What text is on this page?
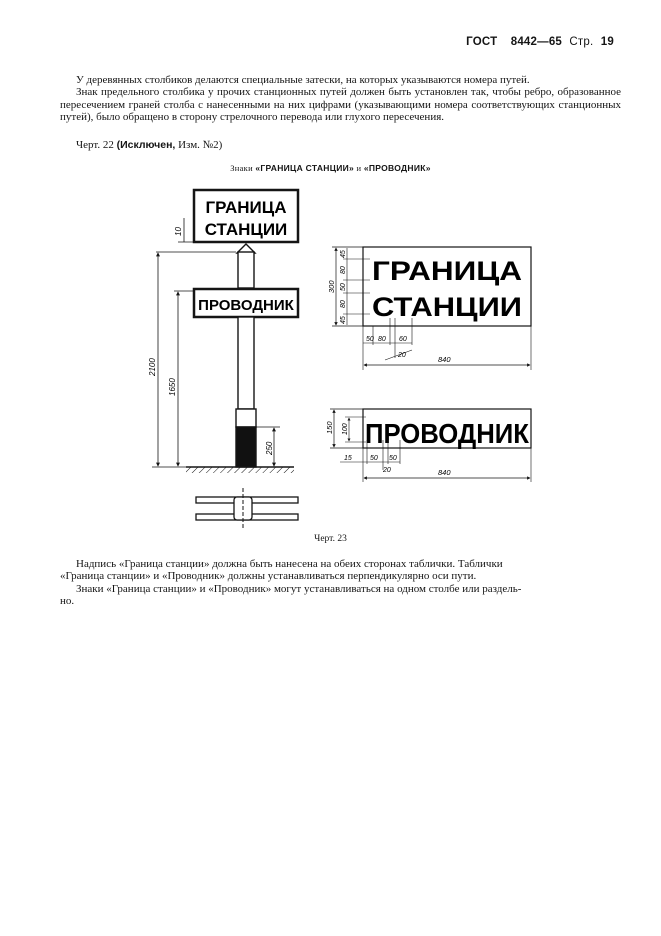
ГОСТ 8442—65 Стр. 19

У деревянных столбиков делаются специальные затески, на которых указываются номера путей.

Знак предельного столбика у прочих станционных путей должен быть установлен так, чтобы ребро, образованное пересечением граней столба с нанесенными на них цифрами (указывающими номера соответствующих станционных путей), было обращено в сторону стрелочного перевода или глухого пересечения.

Черт. 22 (Исключен, Изм. №2)
Знаки «ГРАНИЦА СТАНЦИИ» и «ПРОВОДНИК»
ГРАНИЦА
СТАНЦИИ
ПРОВОДНИК
10
2100
1650
250
ГРАНИЦА
СТАНЦИИ
300
45
80
50
80
45
50 80 60
20	840
ПРОВОДНИК
150 100
15	50 50
20	840
Черт. 23

Надпись «Граница станции» должна быть нанесена на обеих сторонах таблички. Таблички

«Граница станции» и «Проводник» должны устанавливаться перпендикулярно оси пути.

Знаки «Граница станции» и «Проводник» могут устанавливаться на одном столбе или раздель-

но.
